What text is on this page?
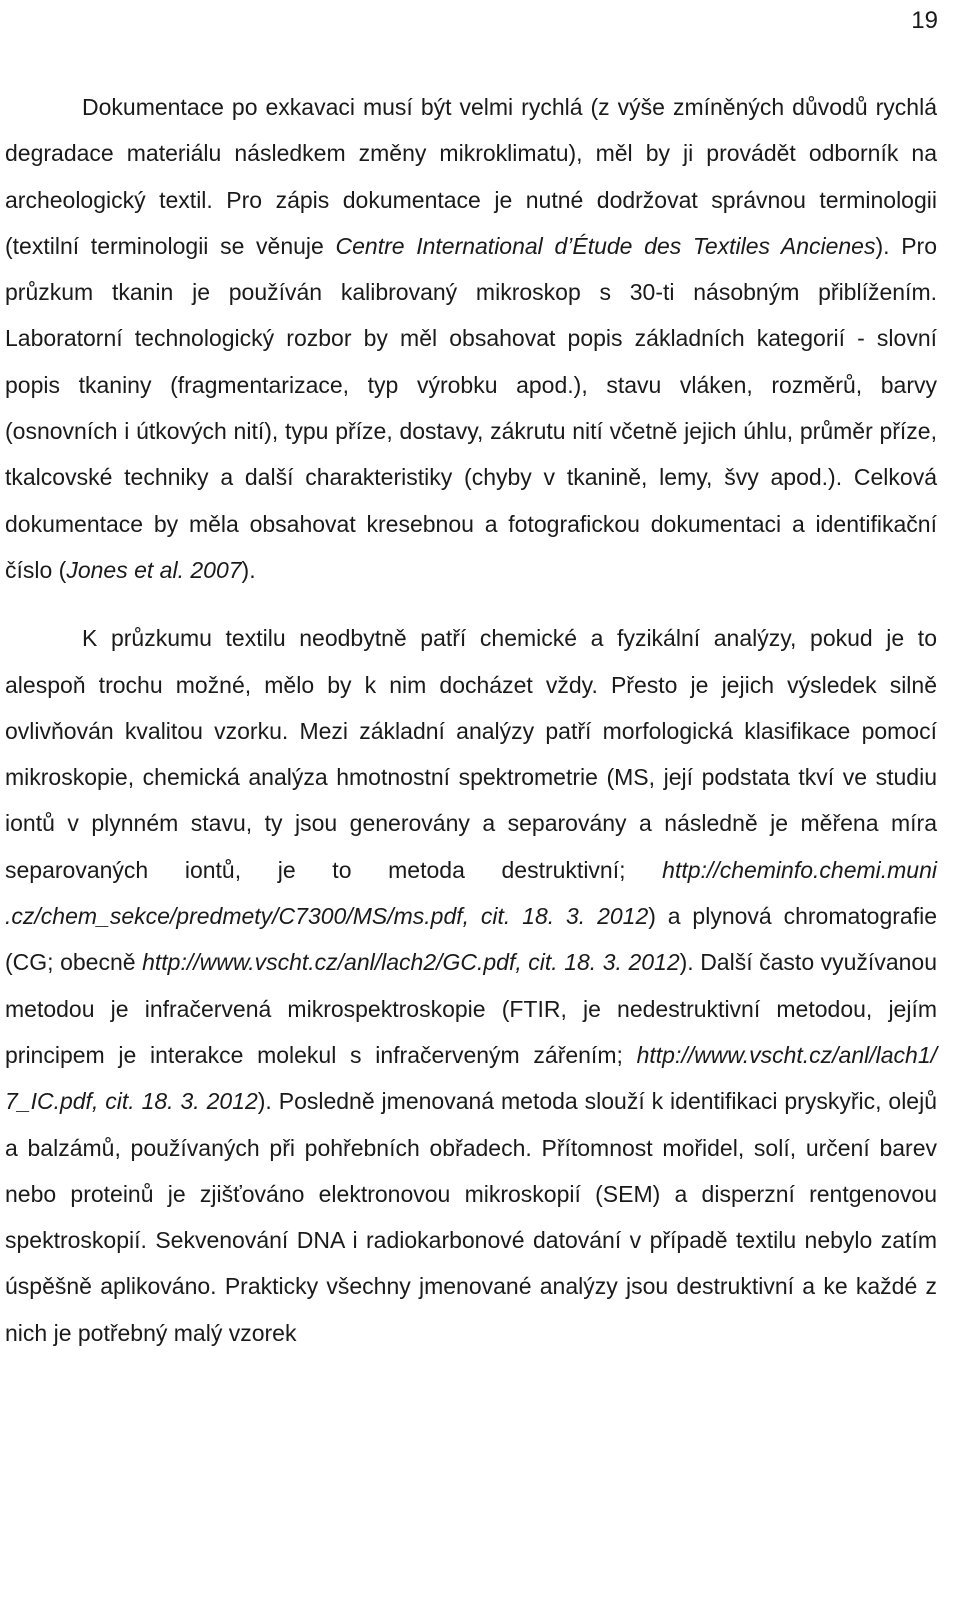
19

Dokumentace po exkavaci musí být velmi rychlá (z výše zmíněných důvodů rychlá degradace materiálu následkem změny mikroklimatu), měl by ji provádět odborník na archeologický textil. Pro zápis dokumentace je nutné dodržovat správnou terminologii (textilní terminologii se věnuje Centre International d’Étude des Textiles Ancienes). Pro průzkum tkanin je používán kalibrovaný mikroskop s 30-ti násobným přiblížením. Laboratorní technologický rozbor by měl obsahovat popis základních kategorií - slovní popis tkaniny (fragmentarizace, typ výrobku apod.), stavu vláken, rozměrů, barvy (osnovních i útkových nití), typu příze, dostavy, zákrutu nití včetně jejich úhlu, průměr příze, tkalcovské techniky a další charakteristiky (chyby v tkanině, lemy, švy apod.). Celková dokumentace by měla obsahovat kresebnou a fotografickou dokumentaci a identifikační číslo (Jones et al. 2007).

K průzkumu textilu neodbytně patří chemické a fyzikální analýzy, pokud je to alespoň trochu možné, mělo by k nim docházet vždy. Přesto je jejich výsledek silně ovlivňován kvalitou vzorku. Mezi základní analýzy patří morfologická klasifikace pomocí mikroskopie, chemická analýza hmotnostní spektrometrie (MS, její podstata tkví ve studiu iontů v plynném stavu, ty jsou generovány a separovány a následně je měřena míra separovaných iontů, je to metoda destruktivní; http://cheminfo.chemi.muni .cz/chem_sekce/predmety/C7300/MS/ms.pdf, cit. 18. 3. 2012) a plynová chromatografie (CG; obecně http://www.vscht.cz/anl/lach2/GC.pdf, cit. 18. 3. 2012). Další často využívanou metodou je infračervená mikrospektroskopie (FTIR, je nedestruktivní metodou, jejím principem je interakce molekul s infračerveným zářením; http://www.vscht.cz/anl/lach1/ 7_IC.pdf, cit. 18. 3. 2012). Posledně jmenovaná metoda slouží k identifikaci pryskyřic, olejů a balzámů, používaných při pohřebních obřadech. Přítomnost mořidel, solí, určení barev nebo proteinů je zjišťováno elektronovou mikroskopií (SEM) a disperzní rentgenovou spektroskopií. Sekvenování DNA i radiokarbonové datování v případě textilu nebylo zatím úspěšně aplikováno. Prakticky všechny jmenované analýzy jsou destruktivní a ke každé z nich je potřebný malý vzorek
